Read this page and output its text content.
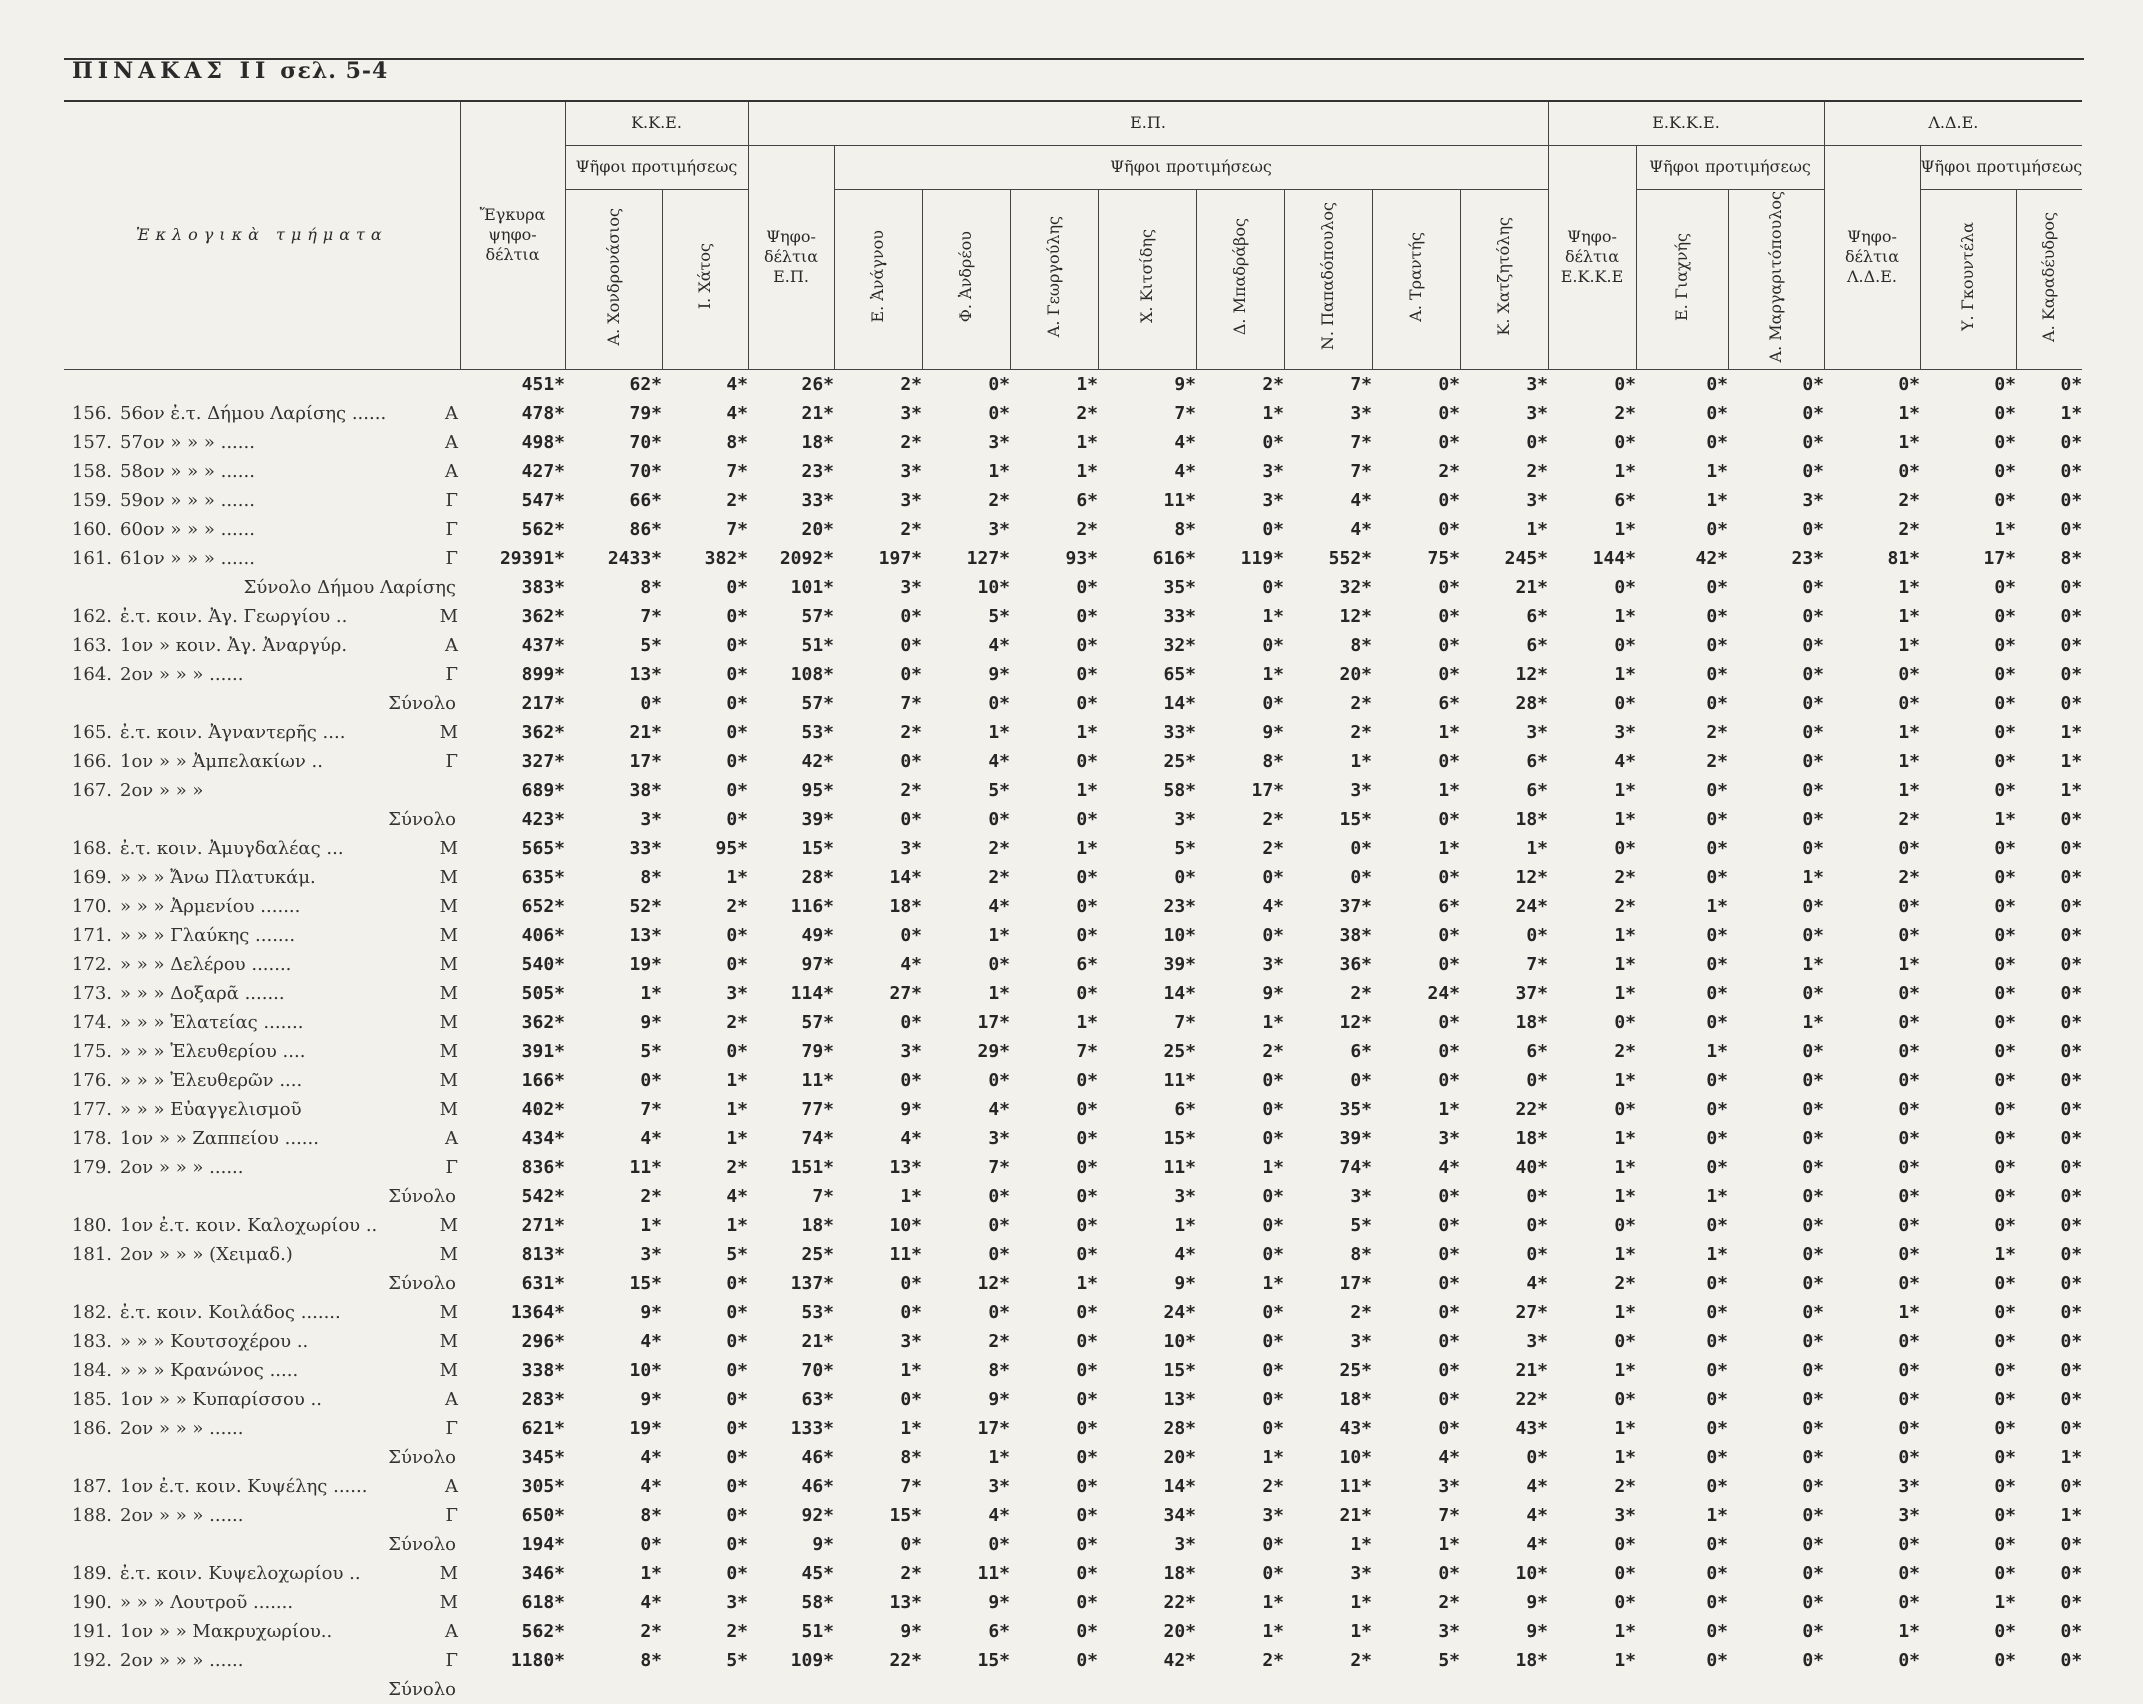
ΠΙΝΑΚΑΣ ΙΙ σελ. 5-4
Ἐκλογικὰ τμήματα	Ἔγκυρα
ψηφο-
δέλτια	Κ.Κ.Ε.		Ε.Π.									Ε.Κ.Κ.Ε.			Λ.Δ.Ε.		
		Ψῆφοι προτιμήσεως		Ψηφο-
δέλτια
Ε.Π.	Ψῆφοι προτιμήσεως								Ψηφο-
δέλτια
Ε.Κ.Κ.Ε	Ψῆφοι προτιμήσεως		Ψηφο-
δέλτια
Λ.Δ.Ε.	Ψῆφοι προτιμήσεως	
		Α. Χονδρονάσιος	Ι. Χάτος		Ε. Ἀνάγνου	Φ. Ἀνδρέου	Α. Γεωργούλης	Χ. Κιτσίδης	Δ. Μπαδράβος	Ν. Παπαδόπουλος	Α. Τραντής	Κ. Χατζητόλης		Ε. Γιαχνής	Α. Μαργαριτόπουλος		Υ. Γκουντέλα	Α. Καραδέυδρος
	451*	62*	4*	26*	2*	0*	1*	9*	2*	7*	0*	3*	0*	0*	0*	0*	0*	0*
156. 56ον ἐ.τ. Δήμου Λαρίσης ...... Α	478*	79*	4*	21*	3*	0*	2*	7*	1*	3*	0*	3*	2*	0*	0*	1*	0*	1*
157. 57ον » » » ...... Α	498*	70*	8*	18*	2*	3*	1*	4*	0*	7*	0*	0*	0*	0*	0*	1*	0*	0*
158. 58ον » » » ...... Α	427*	70*	7*	23*	3*	1*	1*	4*	3*	7*	2*	2*	1*	1*	0*	0*	0*	0*
159. 59ον » » » ...... Γ	547*	66*	2*	33*	3*	2*	6*	11*	3*	4*	0*	3*	6*	1*	3*	2*	0*	0*
160. 60ον » » » ...... Γ	562*	86*	7*	20*	2*	3*	2*	8*	0*	4*	0*	1*	1*	0*	0*	2*	1*	0*
161. 61ον » » » ...... Γ	29391*	2433*	382*	2092*	197*	127*	93*	616*	119*	552*	75*	245*	144*	42*	23*	81*	17*	8*

Σύνολο Δήμου Λαρίσης	383*	8*	0*	101*	3*	10*	0*	35*	0*	32*	0*	21*	0*	0*	0*	1*	0*	0*
162. ἐ.τ. κοιν. Ἀγ. Γεωργίου .. Μ	362*	7*	0*	57*	0*	5*	0*	33*	1*	12*	0*	6*	1*	0*	0*	1*	0*	0*
163. 1ον » κοιν. Ἀγ. Ἀναργύρ. Α	437*	5*	0*	51*	0*	4*	0*	32*	0*	8*	0*	6*	0*	0*	0*	1*	0*	0*
164. 2ον » » » ...... Γ	899*	13*	0*	108*	0*	9*	0*	65*	1*	20*	0*	12*	1*	0*	0*	0*	0*	0*

Σύνολο	217*	0*	0*	57*	7*	0*	0*	14*	0*	2*	6*	28*	0*	0*	0*	0*	0*	0*
165. ἐ.τ. κοιν. Ἀγναντερῆς .... Μ	362*	21*	0*	53*	2*	1*	1*	33*	9*	2*	1*	3*	3*	2*	0*	1*	0*	1*
166. 1ον » » Ἀμπελακίων .. Γ	327*	17*	0*	42*	0*	4*	0*	25*	8*	1*	0*	6*	4*	2*	0*	1*	0*	1*
167. 2ον » » »	689*	38*	0*	95*	2*	5*	1*	58*	17*	3*	1*	6*	1*	0*	0*	1*	0*	1*

Σύνολο	423*	3*	0*	39*	0*	0*	0*	3*	2*	15*	0*	18*	1*	0*	0*	2*	1*	0*
168. ἐ.τ. κοιν. Ἀμυγδαλέας ... Μ	565*	33*	95*	15*	3*	2*	1*	5*	2*	0*	1*	1*	0*	0*	0*	0*	0*	0*
169. » » » Ἄνω Πλατυκάμ. Μ	635*	8*	1*	28*	14*	2*	0*	0*	0*	0*	0*	12*	2*	0*	1*	2*	0*	0*
170. » » » Ἀρμενίου ....... Μ	652*	52*	2*	116*	18*	4*	0*	23*	4*	37*	6*	24*	2*	1*	0*	0*	0*	0*
171. » » » Γλαύκης ....... Μ	406*	13*	0*	49*	0*	1*	0*	10*	0*	38*	0*	0*	1*	0*	0*	0*	0*	0*
172. » » » Δελέρου ....... Μ	540*	19*	0*	97*	4*	0*	6*	39*	3*	36*	0*	7*	1*	0*	1*	1*	0*	0*
173. » » » Δοξαρᾶ ....... Μ	505*	1*	3*	114*	27*	1*	0*	14*	9*	2*	24*	37*	1*	0*	0*	0*	0*	0*
174. » » » Ἐλατείας ....... Μ	362*	9*	2*	57*	0*	17*	1*	7*	1*	12*	0*	18*	0*	0*	1*	0*	0*	0*
175. » » » Ἐλευθερίου .... Μ	391*	5*	0*	79*	3*	29*	7*	25*	2*	6*	0*	6*	2*	1*	0*	0*	0*	0*
176. » » » Ἐλευθερῶν .... Μ	166*	0*	1*	11*	0*	0*	0*	11*	0*	0*	0*	0*	1*	0*	0*	0*	0*	0*
177. » » » Εὐαγγελισμοῦ Μ	402*	7*	1*	77*	9*	4*	0*	6*	0*	35*	1*	22*	0*	0*	0*	0*	0*	0*
178. 1ον » » Ζαππείου ...... Α	434*	4*	1*	74*	4*	3*	0*	15*	0*	39*	3*	18*	1*	0*	0*	0*	0*	0*
179. 2ον » » » ...... Γ	836*	11*	2*	151*	13*	7*	0*	11*	1*	74*	4*	40*	1*	0*	0*	0*	0*	0*

Σύνολο	542*	2*	4*	7*	1*	0*	0*	3*	0*	3*	0*	0*	1*	1*	0*	0*	0*	0*
180. 1ον ἐ.τ. κοιν. Καλοχωρίου .. Μ	271*	1*	1*	18*	10*	0*	0*	1*	0*	5*	0*	0*	0*	0*	0*	0*	0*	0*
181. 2ον » » » (Χειμαδ.) Μ	813*	3*	5*	25*	11*	0*	0*	4*	0*	8*	0*	0*	1*	1*	0*	0*	1*	0*

Σύνολο	631*	15*	0*	137*	0*	12*	1*	9*	1*	17*	0*	4*	2*	0*	0*	0*	0*	0*
182. ἐ.τ. κοιν. Κοιλάδος ....... Μ	1364*	9*	0*	53*	0*	0*	0*	24*	0*	2*	0*	27*	1*	0*	0*	1*	0*	0*
183. » » » Κουτσοχέρου .. Μ	296*	4*	0*	21*	3*	2*	0*	10*	0*	3*	0*	3*	0*	0*	0*	0*	0*	0*
184. » » » Κρανώνος ..... Μ	338*	10*	0*	70*	1*	8*	0*	15*	0*	25*	0*	21*	1*	0*	0*	0*	0*	0*
185. 1ον » » Κυπαρίσσου .. Α	283*	9*	0*	63*	0*	9*	0*	13*	0*	18*	0*	22*	0*	0*	0*	0*	0*	0*
186. 2ον » » » ...... Γ	621*	19*	0*	133*	1*	17*	0*	28*	0*	43*	0*	43*	1*	0*	0*	0*	0*	0*

Σύνολο	345*	4*	0*	46*	8*	1*	0*	20*	1*	10*	4*	0*	1*	0*	0*	0*	0*	1*
187. 1ον ἐ.τ. κοιν. Κυψέλης ...... Α	305*	4*	0*	46*	7*	3*	0*	14*	2*	11*	3*	4*	2*	0*	0*	3*	0*	0*
188. 2ον » » » ...... Γ	650*	8*	0*	92*	15*	4*	0*	34*	3*	21*	7*	4*	3*	1*	0*	3*	0*	1*

Σύνολο	194*	0*	0*	9*	0*	0*	0*	3*	0*	1*	1*	4*	0*	0*	0*	0*	0*	0*
189. ἐ.τ. κοιν. Κυψελοχωρίου .. Μ	346*	1*	0*	45*	2*	11*	0*	18*	0*	3*	0*	10*	0*	0*	0*	0*	0*	0*
190. » » » Λουτροῦ ....... Μ	618*	4*	3*	58*	13*	9*	0*	22*	1*	1*	2*	9*	0*	0*	0*	0*	1*	0*
191. 1ον » » Μακρυχωρίου.. Α	562*	2*	2*	51*	9*	6*	0*	20*	1*	1*	3*	9*	1*	0*	0*	1*	0*	0*
192. 2ον » » » ...... Γ	1180*	8*	5*	109*	22*	15*	0*	42*	2*	2*	5*	18*	1*	0*	0*	0*	0*	0*

Σύνολο																		
